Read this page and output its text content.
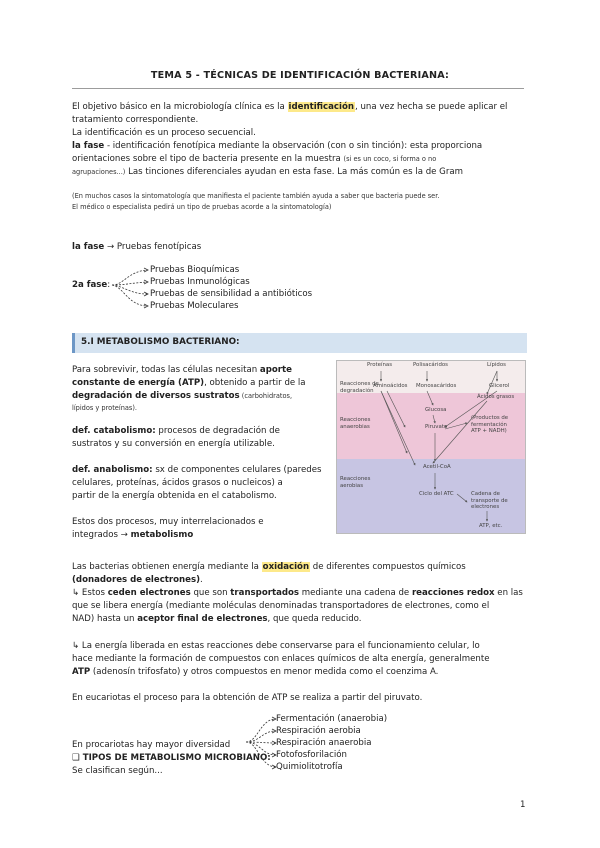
TEMA 5 - TÉCNICAS DE IDENTIFICACIÓN BACTERIANA:
El objetivo básico en la microbiología clínica es la identificación, una vez hecha se puede aplicar el
tratamiento correspondiente.
La identificación es un proceso secuencial.
la fase - identificación fenotípica mediante la observación (con o sin tinción): esta proporciona
orientaciones sobre el tipo de bacteria presente en la muestra (si es un coco, si forma o no
agrupaciones...) Las tinciones diferenciales ayudan en esta fase. La más común es la de Gram
(En muchos casos la sintomatología que manifiesta el paciente también ayuda a saber que bacteria puede ser.
El médico o especialista pedirá un tipo de pruebas acorde a la sintomatología)
la fase → Pruebas fenotípicas
2a fase:
Pruebas Bioquímicas
Pruebas Inmunológicas
Pruebas de sensibilidad a antibióticos
Pruebas Moleculares
5.I METABOLISMO BACTERIANO:
Para sobrevivir, todas las células necesitan aporte
constante de energía (ATP), obtenido a partir de la
degradación de diversos sustratos (carbohidratos,
lípidos y proteínas).
def. catabolismo: procesos de degradación de
sustratos y su conversión en energía utilizable.
def. anabolismo: sx de componentes celulares (paredes
celulares, proteínas, ácidos grasos o nucleicos) a
partir de la energía obtenida en el catabolismo.
Estos dos procesos, muy interrelacionados e
integrados → metabolismo
Proteínas	Polisacáridos	Lípidos
Reacciones de
degradación
Aminoácidos Monosacáridos	Glicerol
Ácidos grasos
Glucosa
Reacciones
anaerobias
(Productos de
fermentación
ATP + NADH)
Piruvato
Acetil-CoA
Reacciones
aerobias
Ciclo del ATC	Cadena de
transporte de
electrones
ATP, etc.
Las bacterias obtienen energía mediante la oxidación de diferentes compuestos químicos
(donadores de electrones).
↳ Estos ceden electrones que son transportados mediante una cadena de reacciones redox en las
que se libera energía (mediante moléculas denominadas transportadores de electrones, como el
NAD) hasta un aceptor final de electrones, que queda reducido.
↳ La energía liberada en estas reacciones debe conservarse para el funcionamiento celular, lo
hace mediante la formación de compuestos con enlaces químicos de alta energía, generalmente
ATP (adenosín trifosfato) y otros compuestos en menor medida como el coenzima A.
En eucariotas el proceso para la obtención de ATP se realiza a partir del piruvato.
En procariotas hay mayor diversidad
❑ TIPOS DE METABOLISMO MICROBIANO:
Se clasifican según...
Fermentación (anaerobia)
Respiración aerobia
Respiración anaerobia
Fotofosforilación
Quimiolitotrofía
1
